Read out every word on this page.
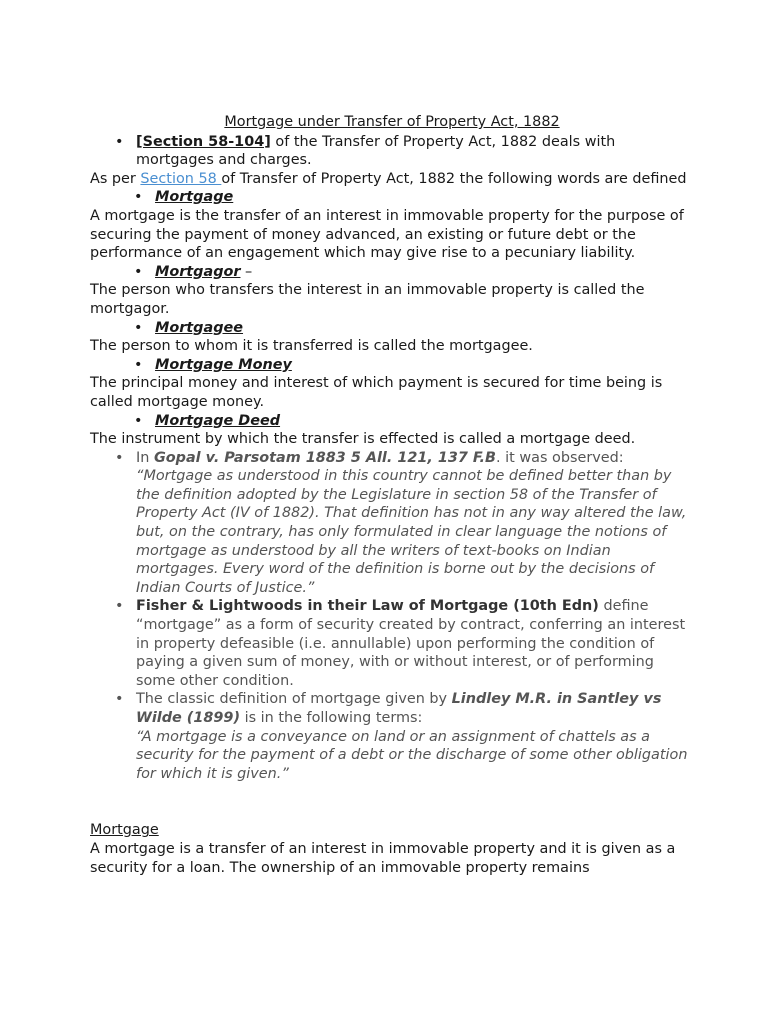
Mortgage under Transfer of Property Act, 1882
• [Section 58-104] of the Transfer of Property Act, 1882 deals with mortgages and charges.

As per Section 58 of Transfer of Property Act, 1882 the following words are defined

• Mortgage

A mortgage is the transfer of an interest in immovable property for the purpose of securing the payment of money advanced, an existing or future debt or the performance of an engagement which may give rise to a pecuniary liability.

• Mortgagor –

The person who transfers the interest in an immovable property is called the mortgagor.

• Mortgagee

The person to whom it is transferred is called the mortgagee.

• Mortgage Money

The principal money and interest of which payment is secured for time being is called mortgage money.

• Mortgage Deed

The instrument by which the transfer is effected is called a mortgage deed.

• In Gopal v. Parsotam 1883 5 All. 121, 137 F.B. it was observed:
“Mortgage as understood in this country cannot be defined better than by the definition adopted by the Legislature in section 58 of the Transfer of Property Act (IV of 1882). That definition has not in any way altered the law, but, on the contrary, has only formulated in clear language the notions of mortgage as understood by all the writers of text-books on Indian mortgages. Every word of the definition is borne out by the decisions of Indian Courts of Justice.”
• Fisher & Lightwoods in their Law of Mortgage (10th Edn) define “mortgage” as a form of security created by contract, conferring an interest in property defeasible (i.e. annullable) upon performing the condition of paying a given sum of money, with or without interest, or of performing some other condition.
• The classic definition of mortgage given by Lindley M.R. in Santley vs Wilde (1899) is in the following terms:
“A mortgage is a conveyance on land or an assignment of chattels as a security for the payment of a debt or the discharge of some other obligation for which it is given.”

Mortgage

A mortgage is a transfer of an interest in immovable property and it is given as a security for a loan. The ownership of an immovable property remains
